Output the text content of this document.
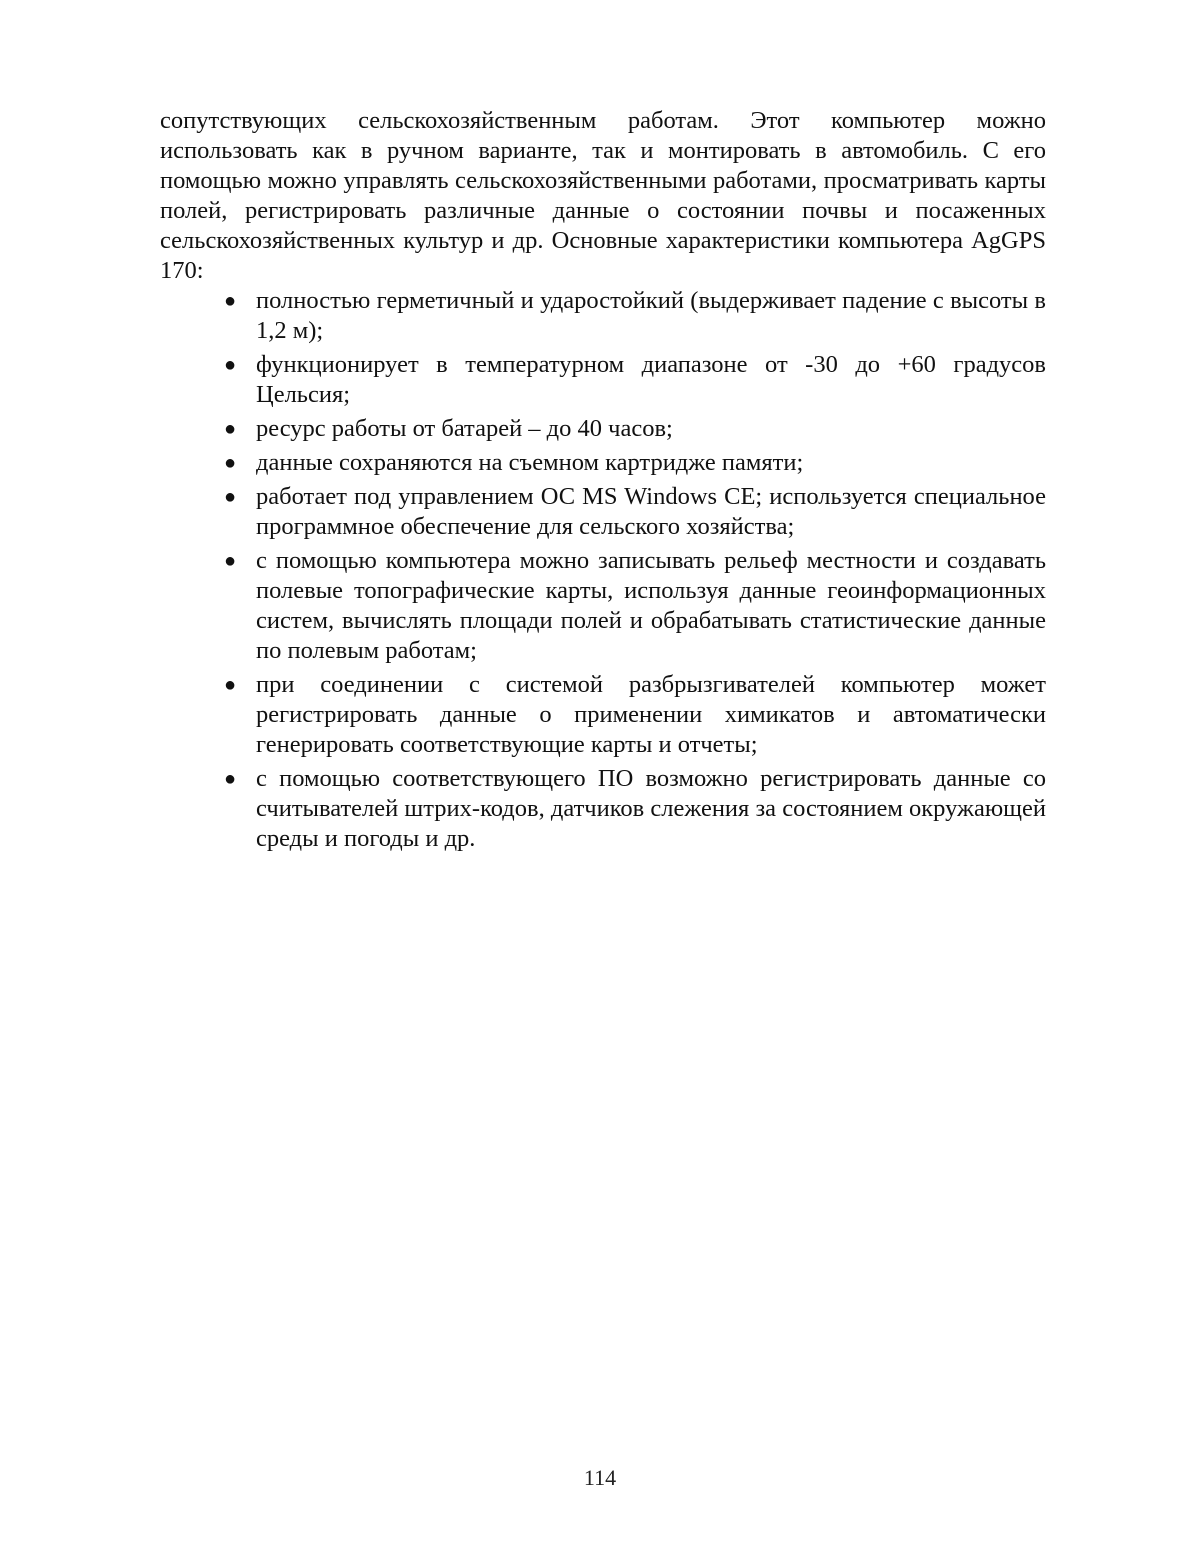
сопутствующих сельскохозяйственным работам. Этот компьютер можно использовать как в ручном варианте, так и монтировать в автомобиль. С его помощью можно управлять сельскохозяйственными работами, просматривать карты полей, регистрировать различные данные о состоянии почвы и посаженных сельскохозяйственных культур и др. Основные характеристики компьютера AgGPS 170:

● полностью герметичный и ударостойкий (выдерживает падение с высоты в 1,2 м);
● функционирует в температурном диапазоне от -30 до +60 градусов Цельсия;
● ресурс работы от батарей – до 40 часов;
● данные сохраняются на съемном картридже памяти;
● работает под управлением ОС MS Windows CE; используется специальное программное обеспечение для сельского хозяйства;
● с помощью компьютера можно записывать рельеф местности и создавать полевые топографические карты, используя данные геоинформационных систем, вычислять площади полей и обрабатывать статистические данные по полевым работам;
● при соединении с системой разбрызгивателей компьютер может регистрировать данные о применении химикатов и автоматически генерировать соответствующие карты и отчеты;
● с помощью соответствующего ПО возможно регистрировать данные со считывателей штрих-кодов, датчиков слежения за состоянием окружающей среды и погоды и др.
114
